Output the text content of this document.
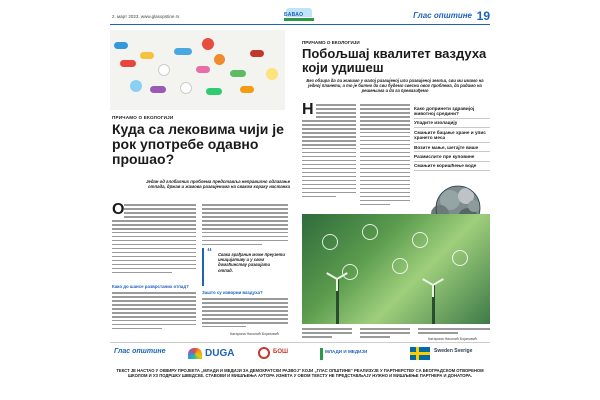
2. март 2023. www.glasopstine.rs	БАВАО	Глас општине 19
ПРИЧАМО О ЕКОЛОГИЈИ
Куда са лековима чији је рок употребе одавно прошао?
Један од глобалних проблема представља неправилно одлагање отпада, држав и жамова развијенима на сваком кораку настанка
О
Како до шансе разврстаних отпад?
“ Свака грађанин може преузети иницијативу и у свом домаћинству развијати отпад.
Зашто су изворни ваздуха?
Катарина Николић Бојановић
ПРИЧАМО О ЕКОЛОГИЈИ
Побољшај квалитет ваздуха који удишеш
Без обзира да ли живимо у малој развијеној или развијеној земљи, сви ми имамо на једној планети, а то је битно да сви будемо свесни овог проблема, да радимо на решењима и да га превазиђемо
Н	Како допринети здравијој животној средини?
Упадите изолацију
Смањите бацање хране и упис хрането меса
Возите мање, шетајте више
Размислите пре куповине
Смањите коришћење воде
Катарина Николић Бојановић
Глас општине	DUGA	БОШ	МЛАДИ И МЕДИЈИ	Sweden Sverige
ТЕКСТ ЈЕ НАСТАО У ОКВИРУ ПРОЈЕКТА „МЛАДИ И МЕДИЈИ ЗА ДЕМОКРАТСКИ РАЗВОЈ“ КОЈИ „ГЛАС ОПШТИНЕ“ РЕАЛИЗУЈЕ У ПАРТНЕРСТВУ СА БЕОГРАДСКОМ ОТВОРЕНОМ ШКОЛОМ И УЗ ПОДРШКУ ШВЕДСКЕ. СТАВОВИ И МИШЉЕЊА АУТОРА ИЗНЕТА У ОВОМ ТЕКСТУ НЕ ПРЕДСТАВЉАЈУ НУЖНО И МИШЉЕЊЕ ПАРТНЕРА И ДОНАТОРА.
